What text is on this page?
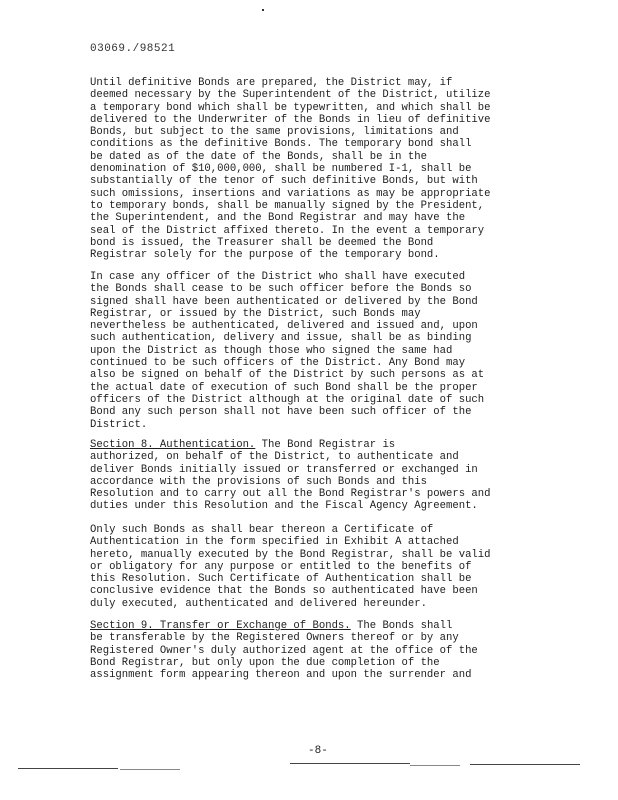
03069./98521

Until definitive Bonds are prepared, the District may, if
deemed necessary by the Superintendent of the District, utilize
a temporary bond which shall be typewritten, and which shall be
delivered to the Underwriter of the Bonds in lieu of definitive
Bonds, but subject to the same provisions, limitations and
conditions as the definitive Bonds. The temporary bond shall
be dated as of the date of the Bonds, shall be in the
denomination of $10,000,000, shall be numbered I-1, shall be
substantially of the tenor of such definitive Bonds, but with
such omissions, insertions and variations as may be appropriate
to temporary bonds, shall be manually signed by the President,
the Superintendent, and the Bond Registrar and may have the
seal of the District affixed thereto. In the event a temporary
bond is issued, the Treasurer shall be deemed the Bond
Registrar solely for the purpose of the temporary bond.

In case any officer of the District who shall have executed
the Bonds shall cease to be such officer before the Bonds so
signed shall have been authenticated or delivered by the Bond
Registrar, or issued by the District, such Bonds may
nevertheless be authenticated, delivered and issued and, upon
such authentication, delivery and issue, shall be as binding
upon the District as though those who signed the same had
continued to be such officers of the District. Any Bond may
also be signed on behalf of the District by such persons as at
the actual date of execution of such Bond shall be the proper
officers of the District although at the original date of such
Bond any such person shall not have been such officer of the
District.

Section 8. Authentication. The Bond Registrar is
authorized, on behalf of the District, to authenticate and
deliver Bonds initially issued or transferred or exchanged in
accordance with the provisions of such Bonds and this
Resolution and to carry out all the Bond Registrar's powers and
duties under this Resolution and the Fiscal Agency Agreement.

Only such Bonds as shall bear thereon a Certificate of
Authentication in the form specified in Exhibit A attached
hereto, manually executed by the Bond Registrar, shall be valid
or obligatory for any purpose or entitled to the benefits of
this Resolution. Such Certificate of Authentication shall be
conclusive evidence that the Bonds so authenticated have been
duly executed, authenticated and delivered hereunder.

Section 9. Transfer or Exchange of Bonds. The Bonds shall
be transferable by the Registered Owners thereof or by any
Registered Owner's duly authorized agent at the office of the
Bond Registrar, but only upon the due completion of the
assignment form appearing thereon and upon the surrender and

-8-
